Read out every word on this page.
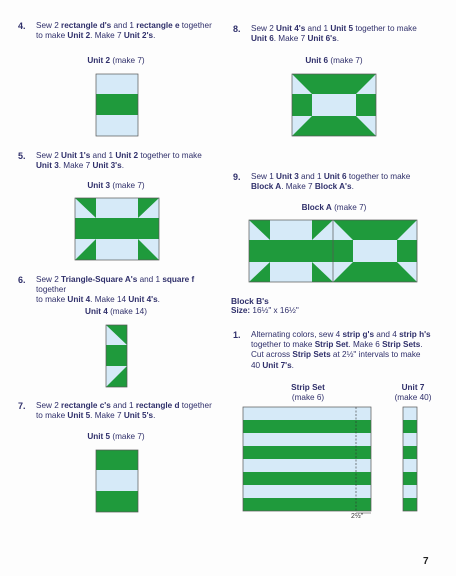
4. Sew 2 rectangle d's and 1 rectangle e together
to make Unit 2. Make 7 Unit 2's.
Unit 2 (make 7)
5. Sew 2 Unit 1's and 1 Unit 2 together to make
Unit 3. Make 7 Unit 3's.
Unit 3 (make 7)
6. Sew 2 Triangle-Square A's and 1 square f together
to make Unit 4. Make 14 Unit 4's.
Unit 4 (make 14)
7. Sew 2 rectangle c's and 1 rectangle d together
to make Unit 5. Make 7 Unit 5's.
Unit 5 (make 7)
8. Sew 2 Unit 4's and 1 Unit 5 together to make
Unit 6. Make 7 Unit 6's.
Unit 6 (make 7)
9. Sew 1 Unit 3 and 1 Unit 6 together to make
Block A. Make 7 Block A's.
Block A (make 7)
Block B's
Size: 16½" x 16½"
1. Alternating colors, sew 4 strip g's and 4 strip h's
together to make Strip Set. Make 6 Strip Sets.
Cut across Strip Sets at 2½" intervals to make
40 Unit 7's.
Strip Set
(make 6)
Unit 7
(make 40)
2½"
7
